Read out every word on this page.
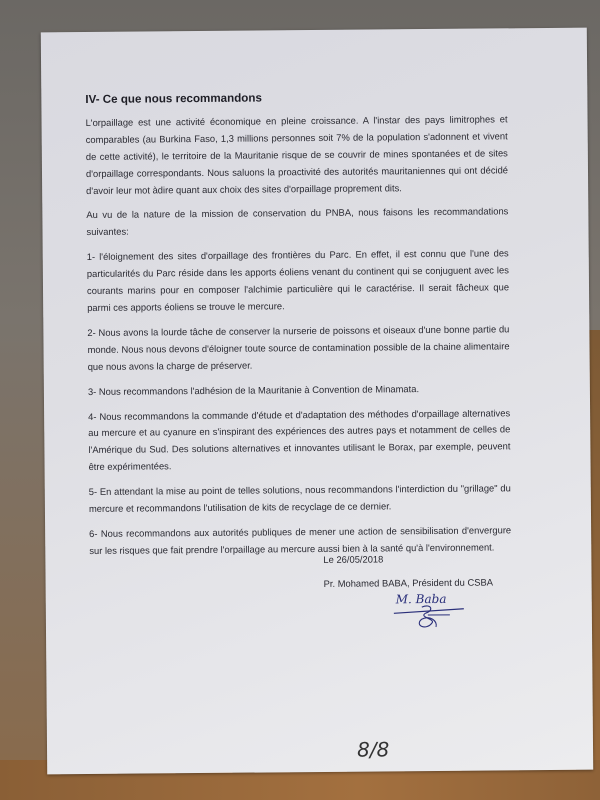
IV- Ce que nous recommandons

L'orpaillage est une activité économique en pleine croissance. A l'instar des pays limitrophes et comparables (au Burkina Faso, 1,3 millions personnes soit 7% de la population s'adonnent et vivent de cette activité), le territoire de la Mauritanie risque de se couvrir de mines spontanées et de sites d'orpaillage correspondants. Nous saluons la proactivité des autorités mauritaniennes qui ont décidé d'avoir leur mot àdire quant aux choix des sites d'orpaillage proprement dits.

Au vu de la nature de la mission de conservation du PNBA, nous faisons les recommandations suivantes:

1- l'éloignement des sites d'orpaillage des frontières du Parc. En effet, il est connu que l'une des particularités du Parc réside dans les apports éoliens venant du continent qui se conjuguent avec les courants marins pour en composer l'alchimie particulière qui le caractérise. Il serait fâcheux que parmi ces apports éoliens se trouve le mercure.

2- Nous avons la lourde tâche de conserver la nurserie de poissons et oiseaux d'une bonne partie du monde. Nous nous devons d'éloigner toute source de contamination possible de la chaine alimentaire que nous avons la charge de préserver.

3- Nous recommandons l'adhésion de la Mauritanie à Convention de Minamata.

4- Nous recommandons la commande d'étude et d'adaptation des méthodes d'orpaillage alternatives au mercure et au cyanure en s'inspirant des expériences des autres pays et notamment de celles de l'Amérique du Sud. Des solutions alternatives et innovantes utilisant le Borax, par exemple, peuvent être expérimentées.

5- En attendant la mise au point de telles solutions, nous recommandons l'interdiction du "grillage" du mercure et recommandons l'utilisation de kits de recyclage de ce dernier.

6- Nous recommandons aux autorités publiques de mener une action de sensibilisation d'envergure sur les risques que fait prendre l'orpaillage au mercure aussi bien à la santé qu'à l'environnement.

Le 26/05/2018
Pr. Mohamed BABA, Président du CSBA
M. Baba
8/8
